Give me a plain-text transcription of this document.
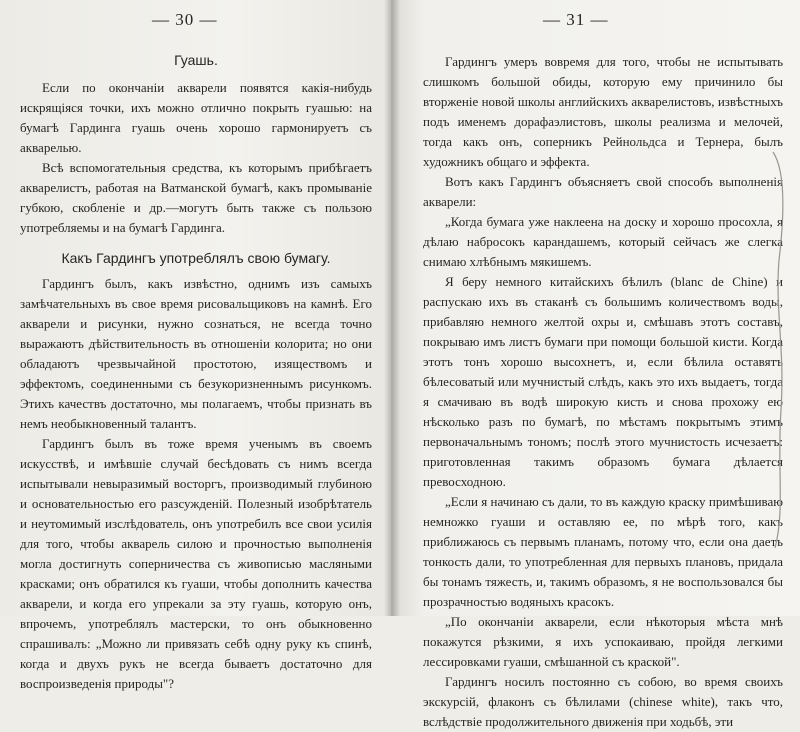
— 30 —
Гуашь.

Если по окончаніи акварели появятся какія-нибудь искрящіяся точки, ихъ можно отлично покрыть гуашью: на бумагѣ Гардинга гуашь очень хорошо гармонируетъ съ акварелью.

Всѣ вспомогательныя средства, къ которымъ прибѣгаетъ акварелистъ, работая на Ватманской бумагѣ, какъ промываніе губкою, скобленіе и др.—могутъ быть также съ пользою употребляемы и на бумагѣ Гардинга.

Какъ Гардингъ употреблялъ свою бумагу.

Гардингъ былъ, какъ извѣстно, однимъ изъ самыхъ замѣчательныхъ въ свое время рисовальщиковъ на камнѣ. Его акварели и рисунки, нужно сознаться, не всегда точно выражаютъ дѣйствительность въ отношеніи колорита; но они обладаютъ чрезвычайной простотою, изяществомъ и эффектомъ, соединенными съ безукоризненнымъ рисункомъ. Этихъ качествъ достаточно, мы полагаемъ, чтобы признать въ немъ необыкновенный талантъ.

Гардингъ былъ въ тоже время ученымъ въ своемъ искусствѣ, и имѣвшіе случай бесѣдовать съ нимъ всегда испытывали невыразимый восторгъ, производимый глубиною и основательностью его разсужденій. Полезный изобрѣтатель и неутомимый изслѣдователь, онъ употребилъ все свои усилія для того, чтобы акварель силою и прочностью выполненія могла достигнуть соперничества съ живописью масляными красками; онъ обратился къ гуаши, чтобы дополнить качества акварели, и когда его упрекали за эту гуашь, которую онъ, впрочемъ, употреблялъ мастерски, то онъ обыкновенно спрашивалъ: „Можно ли привязать себѣ одну руку къ спинѣ, когда и двухъ рукъ не всегда бываетъ достаточно для воспроизведенія природы"?

— 31 —

Гардингъ умеръ вовремя для того, чтобы не испытывать слишкомъ большой обиды, которую ему причинило бы вторженіе новой школы английскихъ акварелистовъ, извѣстныхъ подъ именемъ дорафаэлистовъ, школы реализма и мелочей, тогда какъ онъ, соперникъ Рейнольдса и Тернера, былъ художникъ общаго и эффекта.

Вотъ какъ Гардингъ объясняетъ свой способъ выполненія акварели:

„Когда бумага уже наклеена на доску и хорошо просохла, я дѣлаю набросокъ карандашемъ, который сейчасъ же слегка снимаю хлѣбнымъ мякишемъ.

Я беру немного китайскихъ бѣлилъ (blanc de Chine) и распускаю ихъ въ стаканѣ съ большимъ количествомъ воды, прибавляю немного желтой охры и, смѣшавъ этотъ составъ, покрываю имъ листъ бумаги при помощи большой кисти. Когда этотъ тонъ хорошо высохнетъ, и, если бѣлила оставятъ бѣлесоватый или мучнистый слѣдъ, какъ это ихъ выдаетъ, тогда я смачиваю въ водѣ широкую кисть и снова прохожу ею нѣсколько разъ по бумагѣ, по мѣстамъ покрытымъ этимъ первоначальнымъ тономъ; послѣ этого мучнистость исчезаетъ: приготовленная такимъ образомъ бумага дѣлается превосходною.

„Если я начинаю съ дали, то въ каждую краску примѣшиваю немножко гуаши и оставляю ее, по мѣрѣ того, какъ приближаюсь съ первымъ планамъ, потому что, если она даетъ тонкость дали, то употребленная для первыхъ плановъ, придала бы тонамъ тяжесть, и, такимъ образомъ, я не воспользовался бы прозрачностью водяныхъ красокъ.

„По окончаніи акварели, если нѣкоторыя мѣста мнѣ покажутся рѣзкими, я ихъ успокаиваю, пройдя легкими лессировками гуаши, смѣшанной съ краской".

Гардингъ носилъ постоянно съ собою, во время своихъ экскурсій, флаконъ съ бѣлилами (chinese white), такъ что, вслѣдствіе продолжительного движенія при ходьбѣ, эти
